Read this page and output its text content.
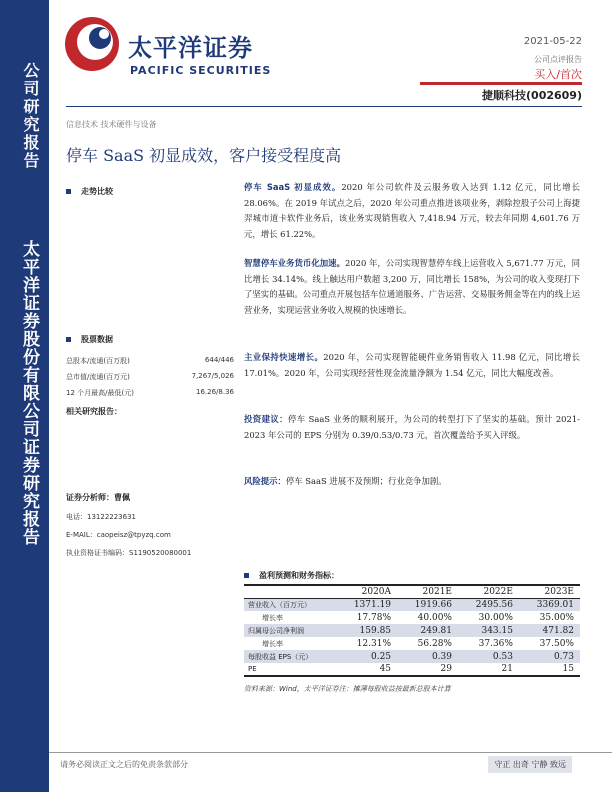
公司研究报告
太平洋证券股份有限公司证券研究报告
太平洋证券
PACIFIC SECURITIES
2021-05-22
公司点评报告
买入/首次
捷顺科技(002609)
信息技术 技术硬件与设备
停车 SaaS 初显成效，客户接受程度高
走势比较
股票数据
总股本/流通(百万股)	644/446
总市值/流通(百万元)	7,267/5,026
12 个月最高/最低(元)	16.26/8.36
相关研究报告：
证券分析师：曹佩
电话：13122223631
E-MAIL：caopeisz@tpyzq.com
执业资格证书编码：S1190520080001
停车 SaaS 初显成效。2020 年公司软件及云服务收入达到 1.12 亿元，同比增长 28.06%。在 2019 年试点之后，2020 年公司重点推进该项业务，剥除控股子公司上海捷羿城市道卡软件业务后，该业务实现销售收入 7,418.94 万元，较去年同期 4,601.76 万元，增长 61.22%。
智慧停车业务货币化加速。2020 年，公司实现智慧停车线上运营收入 5,671.77 万元，同比增长 34.14%。线上触达用户数超 3,200 万，同比增长 158%，为公司的收入变现打下了坚实的基础。公司重点开展包括车位通道服务、广告运营、交易服务佣金等在内的线上运营业务，实现运营业务收入规模的快速增长。
主业保持快速增长。2020 年，公司实现智能硬件业务销售收入 11.98 亿元，同比增长 17.01%。2020 年，公司实现经营性现金流量净额为 1.54 亿元，同比大幅度改善。
投资建议：停车 SaaS 业务的顺利展开，为公司的转型打下了坚实的基础。预计 2021-2023 年公司的 EPS 分别为 0.39/0.53/0.73 元，首次覆盖给予买入评级。
风险提示：停车 SaaS 进展不及预期；行业竞争加剧。
盈利预测和财务指标：
	2020A	2021E	2022E	2023E
营业收入（百万元）	1371.19	1919.66	2495.56	3369.01
增长率	17.78%	40.00%	30.00%	35.00%
归属母公司净利润	159.85	249.81	343.15	471.82
增长率	12.31%	56.28%	37.36%	37.50%
每股收益 EPS（元）	0.25	0.39	0.53	0.73
PE	45	29	21	15
资料来源：Wind，太平洋证券注：摊薄每股收益按最新总股本计算
请务必阅读正文之后的免责条款部分	守正 出奇 宁静 致远
